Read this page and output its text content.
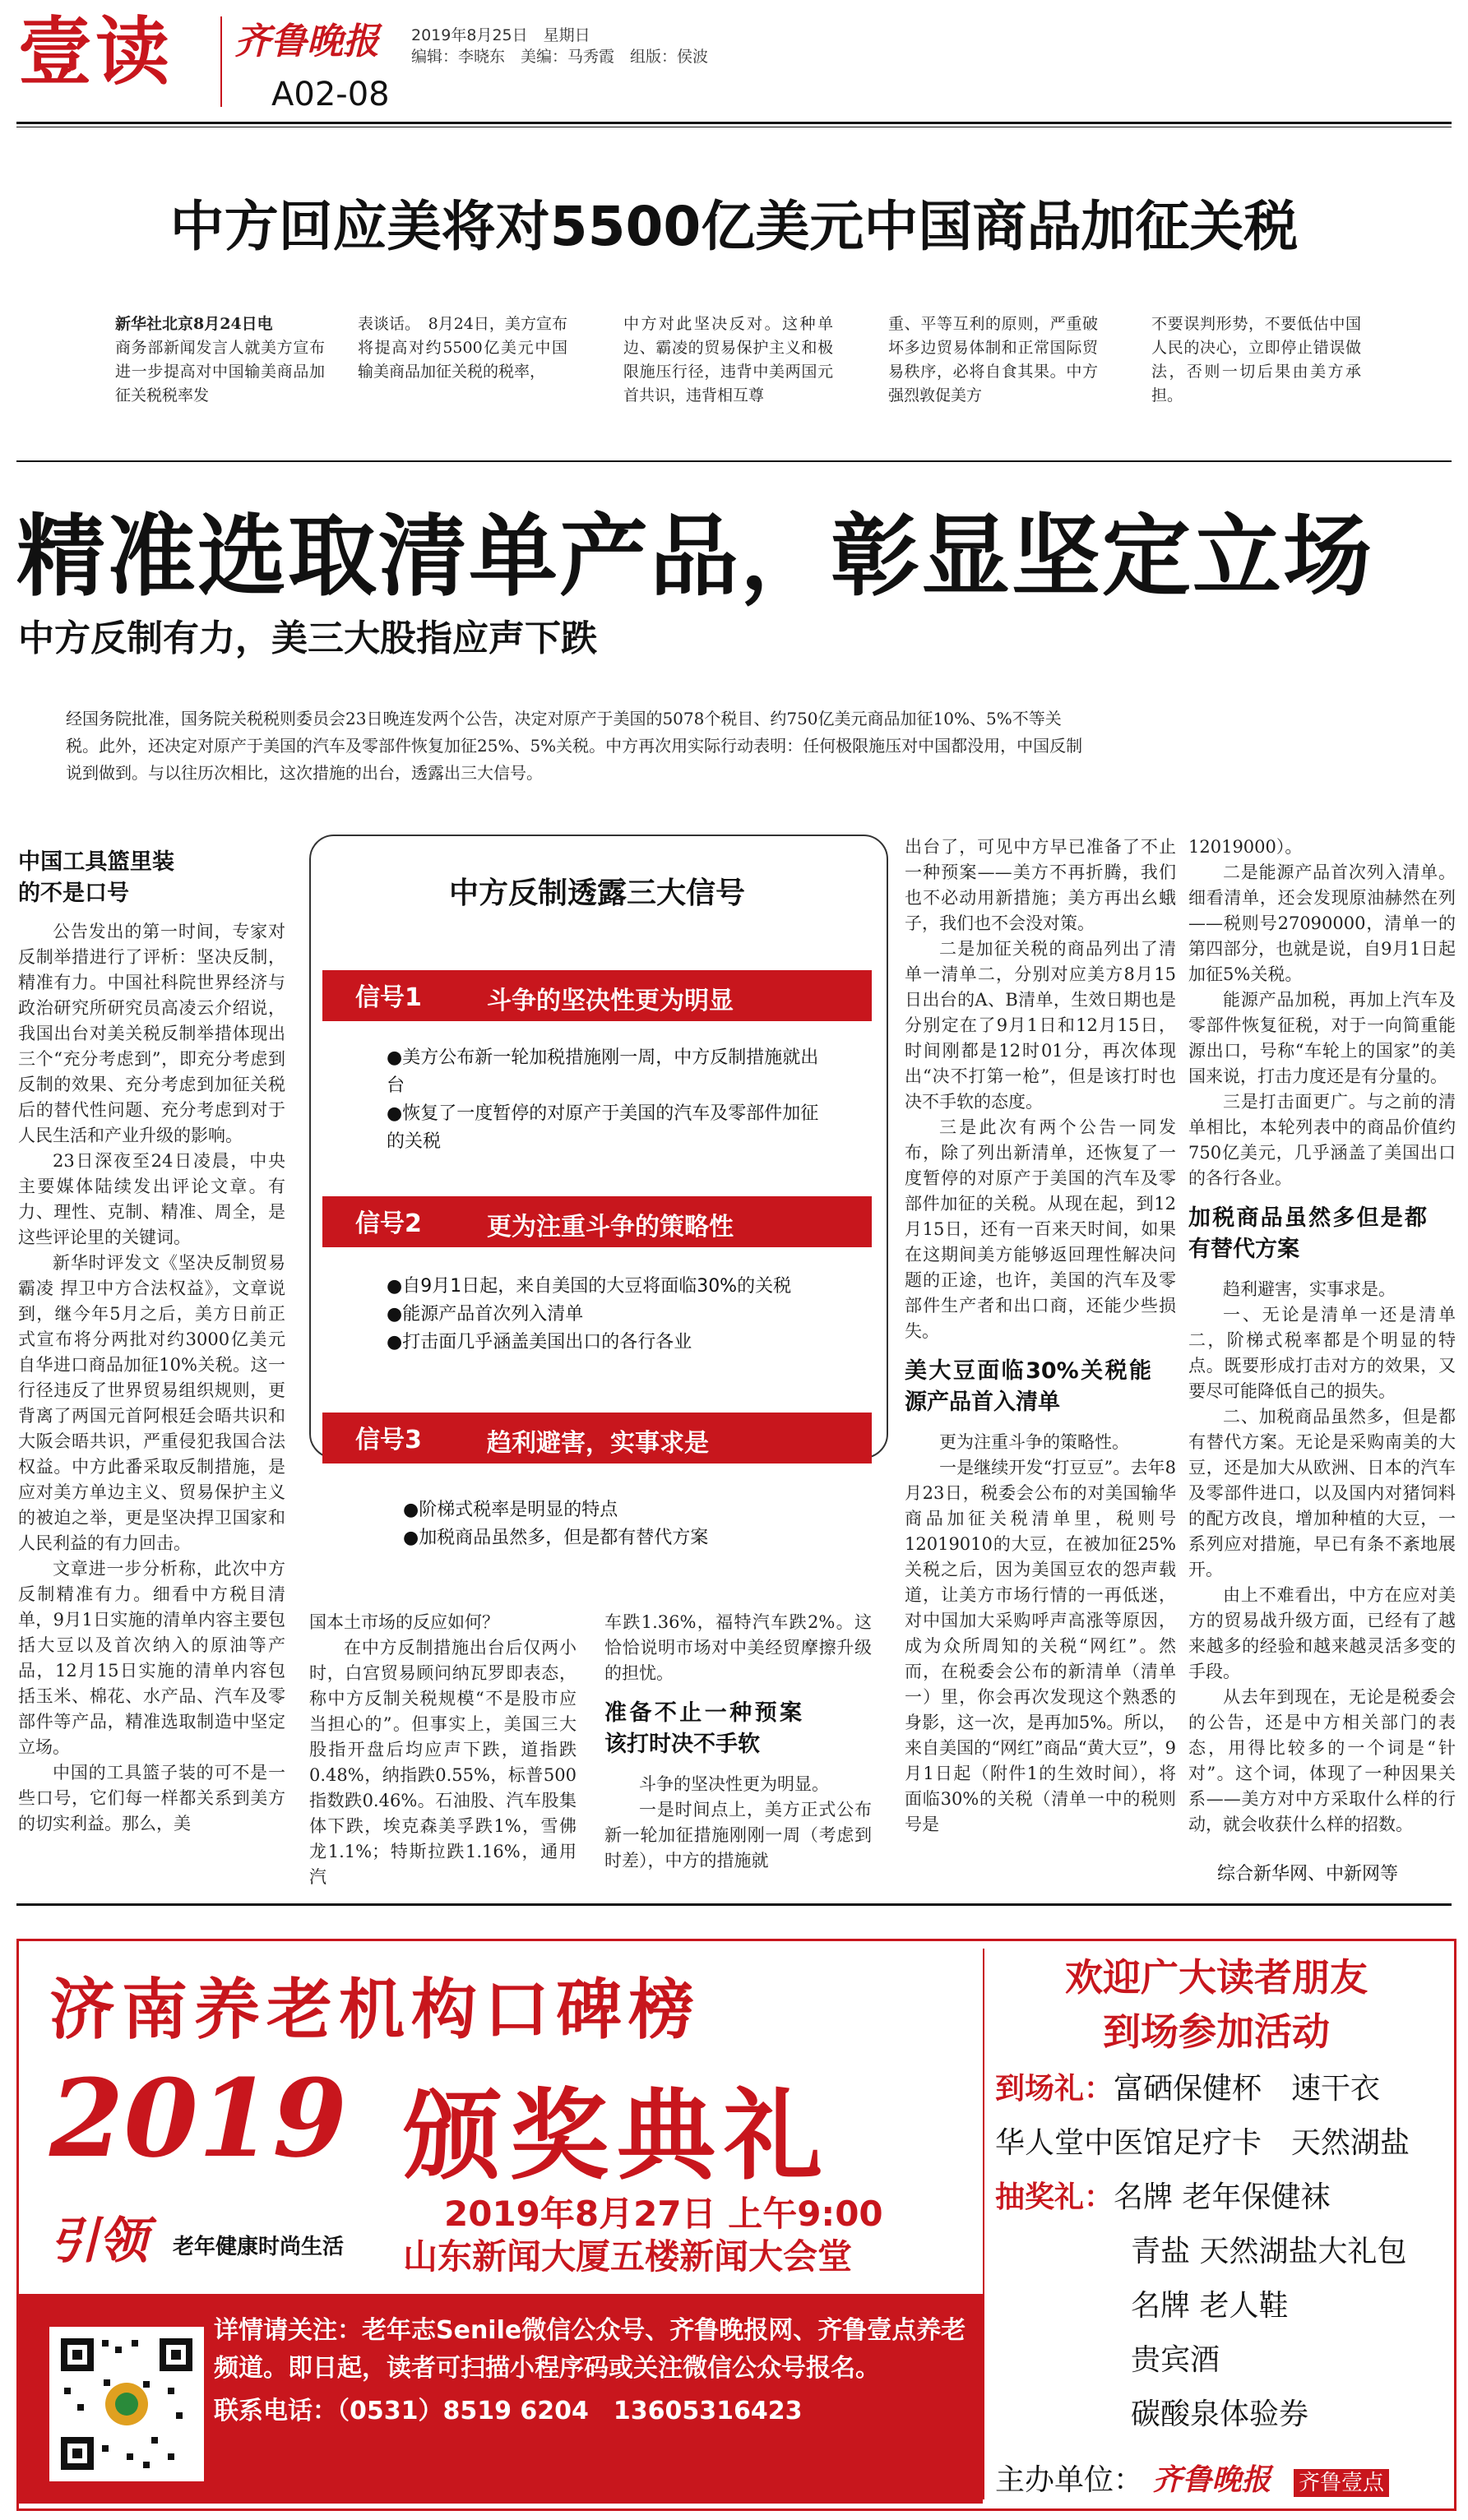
壹读 齐鲁晚报 2019年8月25日　星期日
编辑：李晓东　美编：马秀霞　组版：侯波
A02-08
中方回应美将对5500亿美元中国商品加征关税
新华社北京8月24日电
商务部新闻发言人就美方宣布进一步提高对中国输美商品加征关税税率发
表谈话。　8月24日，美方宣布将提高对约5500亿美元中国输美商品加征关税的税率，
中方对此坚决反对。这种单边、霸凌的贸易保护主义和极限施压行径，违背中美两国元首共识，违背相互尊
重、平等互利的原则，严重破坏多边贸易体制和正常国际贸易秩序，必将自食其果。中方强烈敦促美方
不要误判形势，不要低估中国人民的决心，立即停止错误做法，否则一切后果由美方承担。
精准选取清单产品，彰显坚定立场
中方反制有力，美三大股指应声下跌
经国务院批准，国务院关税税则委员会23日晚连发两个公告，决定对原产于美国的5078个税目、约750亿美元商品加征10%、5%不等关税。此外，还决定对原产于美国的汽车及零部件恢复加征25%、5%关税。中方再次用实际行动表明：任何极限施压对中国都没用，中国反制说到做到。与以往历次相比，这次措施的出台，透露出三大信号。
中国工具篮里装的不是口号

公告发出的第一时间，专家对反制举措进行了评析：坚决反制，精准有力。中国社科院世界经济与政治研究所研究员高凌云介绍说，我国出台对美关税反制举措体现出三个“充分考虑到”，即充分考虑到反制的效果、充分考虑到加征关税后的替代性问题、充分考虑到对于人民生活和产业升级的影响。

23日深夜至24日凌晨，中央主要媒体陆续发出评论文章。有力、理性、克制、精准、周全，是这些评论里的关键词。

新华时评发文《坚决反制贸易霸凌 捍卫中方合法权益》，文章说到，继今年5月之后，美方日前正式宣布将分两批对约3000亿美元自华进口商品加征10%关税。这一行径违反了世界贸易组织规则，更背离了两国元首阿根廷会晤共识和大阪会晤共识，严重侵犯我国合法权益。中方此番采取反制措施，是应对美方单边主义、贸易保护主义的被迫之举，更是坚决捍卫国家和人民利益的有力回击。

文章进一步分析称，此次中方反制精准有力。细看中方税目清单，9月1日实施的清单内容主要包括大豆以及首次纳入的原油等产品，12月15日实施的清单内容包括玉米、棉花、水产品、汽车及零部件等产品，精准选取制造中坚定立场。

中国的工具篮子装的可不是一些口号，它们每一样都关系到美方的切实利益。那么，美

中方反制透露三大信号
信号1	斗争的坚决性更为明显
●美方公布新一轮加税措施刚一周，中方反制措施就出台
●恢复了一度暂停的对原产于美国的汽车及零部件加征的关税
信号2	更为注重斗争的策略性
●自9月1日起，来自美国的大豆将面临30%的关税
●能源产品首次列入清单
●打击面几乎涵盖美国出口的各行各业
信号3	趋利避害，实事求是
●阶梯式税率是明显的特点
●加税商品虽然多，但是都有替代方案

国本土市场的反应如何？

在中方反制措施出台后仅两小时，白宫贸易顾问纳瓦罗即表态，称中方反制关税规模“不是股市应当担心的”。但事实上，美国三大股指开盘后均应声下跌，道指跌0.48%，纳指跌0.55%，标普500指数跌0.46%。石油股、汽车股集体下跌，埃克森美孚跌1%，雪佛龙1.1%；特斯拉跌1.16%，通用汽

车跌1.36%，福特汽车跌2%。这恰恰说明市场对中美经贸摩擦升级的担忧。

准备不止一种预案该打时决不手软

斗争的坚决性更为明显。

一是时间点上，美方正式公布新一轮加征措施刚刚一周（考虑到时差），中方的措施就

出台了，可见中方早已准备了不止一种预案——美方不再折腾，我们也不必动用新措施；美方再出幺蛾子，我们也不会没对策。

二是加征关税的商品列出了清单一清单二，分别对应美方8月15日出台的A、B清单，生效日期也是分别定在了9月1日和12月15日，时间刚都是12时01分，再次体现出“决不打第一枪”，但是该打时也决不手软的态度。

三是此次有两个公告一同发布，除了列出新清单，还恢复了一度暂停的对原产于美国的汽车及零部件加征的关税。从现在起，到12月15日，还有一百来天时间，如果在这期间美方能够返回理性解决问题的正途，也许，美国的汽车及零部件生产者和出口商，还能少些损失。

美大豆面临30%关税能源产品首入清单

更为注重斗争的策略性。

一是继续开发“打豆豆”。去年8月23日，税委会公布的对美国输华商品加征关税清单里，税则号12019010的大豆，在被加征25%关税之后，因为美国豆农的怨声载道，让美方市场行情的一再低迷，对中国加大采购呼声高涨等原因，成为众所周知的关税“网红”。然而，在税委会公布的新清单（清单一）里，你会再次发现这个熟悉的身影，这一次，是再加5%。所以，来自美国的“网红”商品“黄大豆”，9月1日起（附件1的生效时间），将面临30%的关税（清单一中的税则号是

12019000）。

二是能源产品首次列入清单。细看清单，还会发现原油赫然在列——税则号27090000，清单一的第四部分，也就是说，自9月1日起加征5%关税。

能源产品加税，再加上汽车及零部件恢复征税，对于一向简重能源出口，号称“车轮上的国家”的美国来说，打击力度还是有分量的。

三是打击面更广。与之前的清单相比，本轮列表中的商品价值约750亿美元，几乎涵盖了美国出口的各行各业。

加税商品虽然多但是都有替代方案

趋利避害，实事求是。

一、无论是清单一还是清单二，阶梯式税率都是个明显的特点。既要形成打击对方的效果，又要尽可能降低自己的损失。

二、加税商品虽然多，但是都有替代方案。无论是采购南美的大豆，还是加大从欧洲、日本的汽车及零部件进口，以及国内对猪饲料的配方改良，增加种植的大豆，一系列应对措施，早已有条不紊地展开。

由上不难看出，中方在应对美方的贸易战升级方面，已经有了越来越多的经验和越来越灵活多变的手段。

从去年到现在，无论是税委会的公告，还是中方相关部门的表态，用得比较多的一个词是“针对”。这个词，体现了一种因果关系——美方对中方采取什么样的行动，就会收获什么样的招数。

综合新华网、中新网等
济南养老机构口碑榜
2019 颁奖典礼
引领 老年健康时尚生活
2019年8月27日 上午9:00
山东新闻大厦五楼新闻大会堂
欢迎广大读者朋友
到场参加活动
到场礼：富硒保健杯　速干衣
华人堂中医馆足疗卡　天然湖盐
抽奖礼：名牌 老年保健袜
青盐 天然湖盐大礼包
名牌 老人鞋
贵宾酒
碳酸泉体验券
详情请关注：老年志Senile微信公众号、齐鲁晚报网、齐鲁壹点养老频道。即日起，读者可扫描小程序码或关注微信公众号报名。
联系电话：（0531）8519 6204　13605316423
主办单位： 齐鲁晚报 齐鲁壹点
